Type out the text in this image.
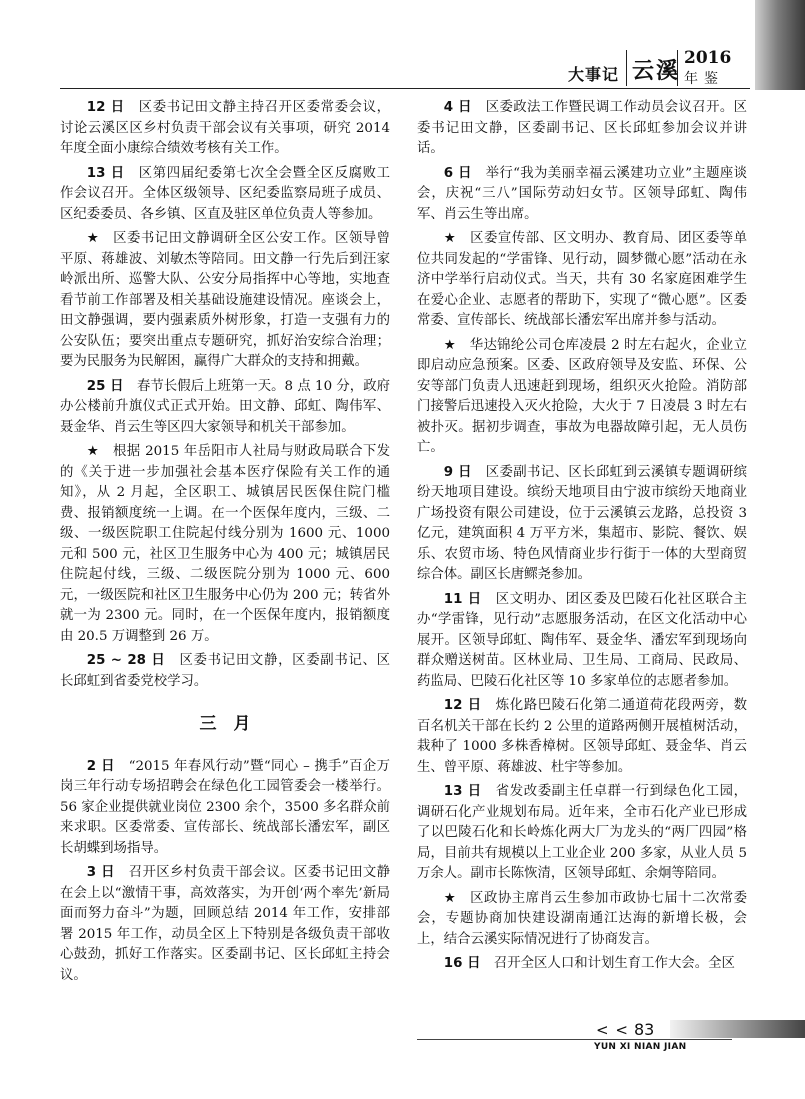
大事记 云溪 2016
年鉴

12 日　 区委书记田文静主持召开区委常委会议，讨论云溪区区乡村负责干部会议有关事项，研究 2014 年度全面小康综合绩效考核有关工作。

13 日　 区第四届纪委第七次全会暨全区反腐败工作会议召开。全体区级领导、区纪委监察局班子成员、区纪委委员、各乡镇、区直及驻区单位负责人等参加。

★　 区委书记田文静调研全区公安工作。区领导曾平原、蒋雄波、刘敏杰等陪同。田文静一行先后到汪家岭派出所、巡警大队、公安分局指挥中心等地，实地查看节前工作部署及相关基础设施建设情况。座谈会上，田文静强调，要内强素质外树形象，打造一支强有力的公安队伍；要突出重点专题研究，抓好治安综合治理；要为民服务为民解困，赢得广大群众的支持和拥戴。

25 日　 春节长假后上班第一天。8 点 10 分，政府办公楼前升旗仪式正式开始。田文静、邱虹、陶伟军、聂金华、肖云生等区四大家领导和机关干部参加。

★　 根据 2015 年岳阳市人社局与财政局联合下发的《关于进一步加强社会基本医疗保险有关工作的通知》，从 2 月起，全区职工、城镇居民医保住院门槛费、报销额度统一上调。在一个医保年度内，三级、二级、一级医院职工住院起付线分别为 1600 元、1000 元和 500 元，社区卫生服务中心为 400 元；城镇居民住院起付线，三级、二级医院分别为 1000 元、600 元，一级医院和社区卫生服务中心仍为 200 元；转省外就一为 2300 元。同时，在一个医保年度内，报销额度由 20.5 万调整到 26 万。

25 ~ 28 日　 区委书记田文静，区委副书记、区长邱虹到省委党校学习。

三　月

2 日　 “2015 年春风行动”暨“同心 – 携手”百企万岗三年行动专场招聘会在绿色化工园管委会一楼举行。56 家企业提供就业岗位 2300 余个，3500 多名群众前来求职。区委常委、宣传部长、统战部长潘宏军，副区长胡蝶到场指导。

3 日　 召开区乡村负责干部会议。区委书记田文静在会上以“激情干事，高效落实，为开创‘两个率先’新局面而努力奋斗”为题，回顾总结 2014 年工作，安排部署 2015 年工作，动员全区上下特别是各级负责干部收心鼓劲，抓好工作落实。区委副书记、区长邱虹主持会议。

4 日　 区委政法工作暨民调工作动员会议召开。区委书记田文静，区委副书记、区长邱虹参加会议并讲话。

6 日　 举行“我为美丽幸福云溪建功立业”主题座谈会，庆祝“三八”国际劳动妇女节。区领导邱虹、陶伟军、肖云生等出席。

★　 区委宣传部、区文明办、教育局、团区委等单位共同发起的“学雷锋、见行动，圆梦微心愿”活动在永济中学举行启动仪式。当天，共有 30 名家庭困难学生在爱心企业、志愿者的帮助下，实现了“微心愿”。区委常委、宣传部长、统战部长潘宏军出席并参与活动。

★　 华达锦纶公司仓库凌晨 2 时左右起火，企业立即启动应急预案。区委、区政府领导及安监、环保、公安等部门负责人迅速赶到现场，组织灭火抢险。消防部门接警后迅速投入灭火抢险，大火于 7 日凌晨 3 时左右被扑灭。据初步调查，事故为电器故障引起，无人员伤亡。

9 日　 区委副书记、区长邱虹到云溪镇专题调研缤纷天地项目建设。缤纷天地项目由宁波市缤纷天地商业广场投资有限公司建设，位于云溪镇云龙路，总投资 3 亿元，建筑面积 4 万平方米，集超市、影院、餐饮、娱乐、农贸市场、特色风情商业步行街于一体的大型商贸综合体。副区长唐鳏尧参加。

11 日　 区文明办、团区委及巴陵石化社区联合主办“学雷锋，见行动”志愿服务活动，在区文化活动中心展开。区领导邱虹、陶伟军、聂金华、潘宏军到现场向群众赠送树苗。区林业局、卫生局、工商局、民政局、药监局、巴陵石化社区等 10 多家单位的志愿者参加。

12 日　 炼化路巴陵石化第二通道荷花段两旁，数百名机关干部在长约 2 公里的道路两侧开展植树活动，栽种了 1000 多株香樟树。区领导邱虹、聂金华、肖云生、曾平原、蒋雄波、杜宇等参加。

13 日　 省发改委副主任卓群一行到绿色化工园，调研石化产业规划布局。近年来，全市石化产业已形成了以巴陵石化和长岭炼化两大厂为龙头的“两厂四园”格局，目前共有规模以上工业企业 200 多家，从业人员 5 万余人。副市长陈恢清，区领导邱虹、余炯等陪同。

★　 区政协主席肖云生参加市政协七届十二次常委会，专题协商加快建设湖南通江达海的新增长极，会上，结合云溪实际情况进行了协商发言。

16 日　 召开全区人口和计划生育工作大会。全区

< < 83
YUN XI NIAN JIAN
